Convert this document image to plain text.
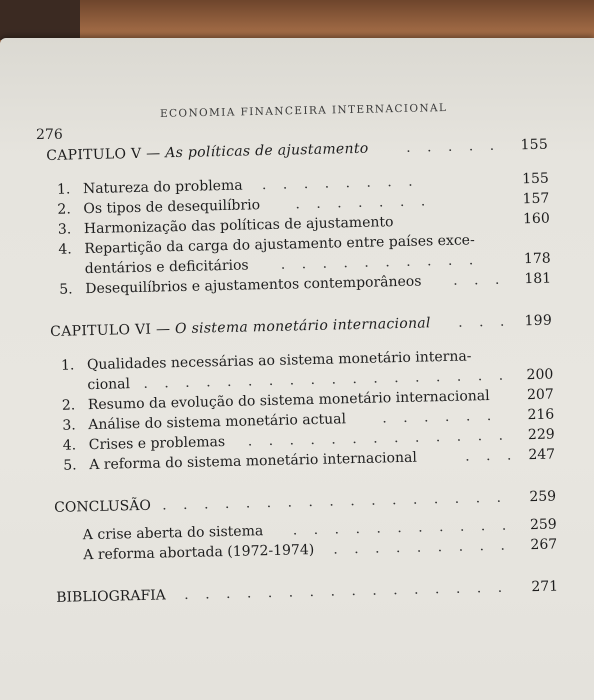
276
ECONOMIA FINANCEIRA INTERNACIONAL
CAPITULO V — As políticas de ajustamento	. . . . . 155
1. Natureza do problema . . . . . . . .	155
2. Os tipos de desequilíbrio . . . . . . .	157
3. Harmonização das políticas de ajustamento	160
4. Repartição da carga do ajustamento entre países exce-
dentários e deficitários . . . . . . . . . .	178
5. Desequilíbrios e ajustamentos contemporâneos . . . 181
CAPITULO VI — O sistema monetário internacional . . . 199
1. Qualidades necessárias ao sistema monetário interna-
cional . . . . . . . . . . . . . . . . . . 200
2. Resumo da evolução do sistema monetário internacional	207
3. Análise do sistema monetário actual	. . . . . . 216
4. Crises e problemas . . . . . . . . . . . . . 229
5. A reforma do sistema monetário internacional	. . . 247
CONCLUSÃO . . . . . . . . . . . . . . . . . 259
A crise aberta do sistema . . . . . . . . . . . 259
A reforma abortada (1972-1974) . . . . . . . . . 267
BIBLIOGRAFIA . . . . . . . . . . . . . . . . 271
